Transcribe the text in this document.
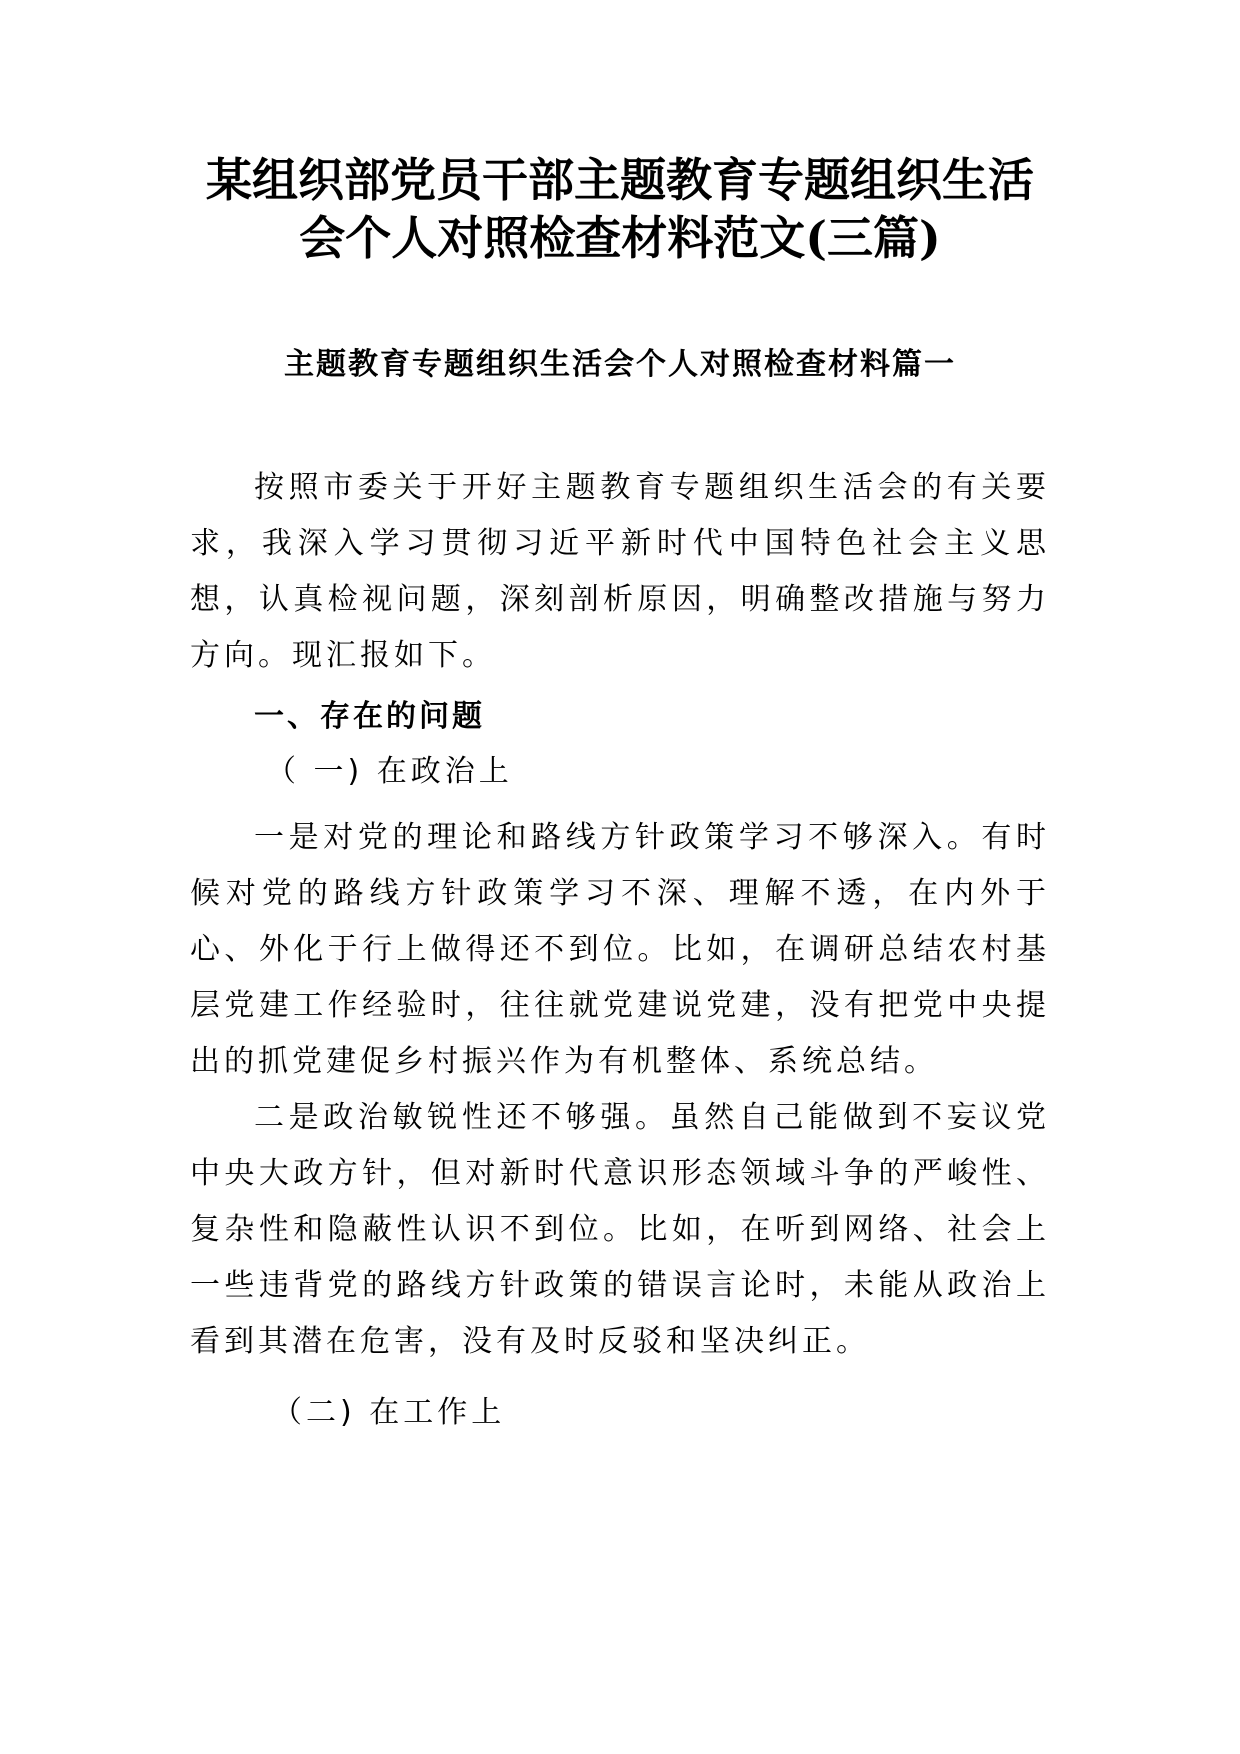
某组织部党员干部主题教育专题组织生活
会个人对照检查材料范文(三篇)
主题教育专题组织生活会个人对照检查材料篇一

按照市委关于开好主题教育专题组织生活会的有关要求，我深入学习贯彻习近平新时代中国特色社会主义思想，认真检视问题，深刻剖析原因，明确整改措施与努力方向。现汇报如下。

一、存在的问题
（ 一) 在政治上

一是对党的理论和路线方针政策学习不够深入。有时候对党的路线方针政策学习不深、理解不透，在内外于心、外化于行上做得还不到位。比如，在调研总结农村基层党建工作经验时，往往就党建说党建，没有把党中央提出的抓党建促乡村振兴作为有机整体、系统总结。

二是政治敏锐性还不够强。虽然自己能做到不妄议党中央大政方针，但对新时代意识形态领域斗争的严峻性、复杂性和隐蔽性认识不到位。比如，在听到网络、社会上一些违背党的路线方针政策的错误言论时，未能从政治上看到其潜在危害，没有及时反驳和坚决纠正。

（二) 在工作上
